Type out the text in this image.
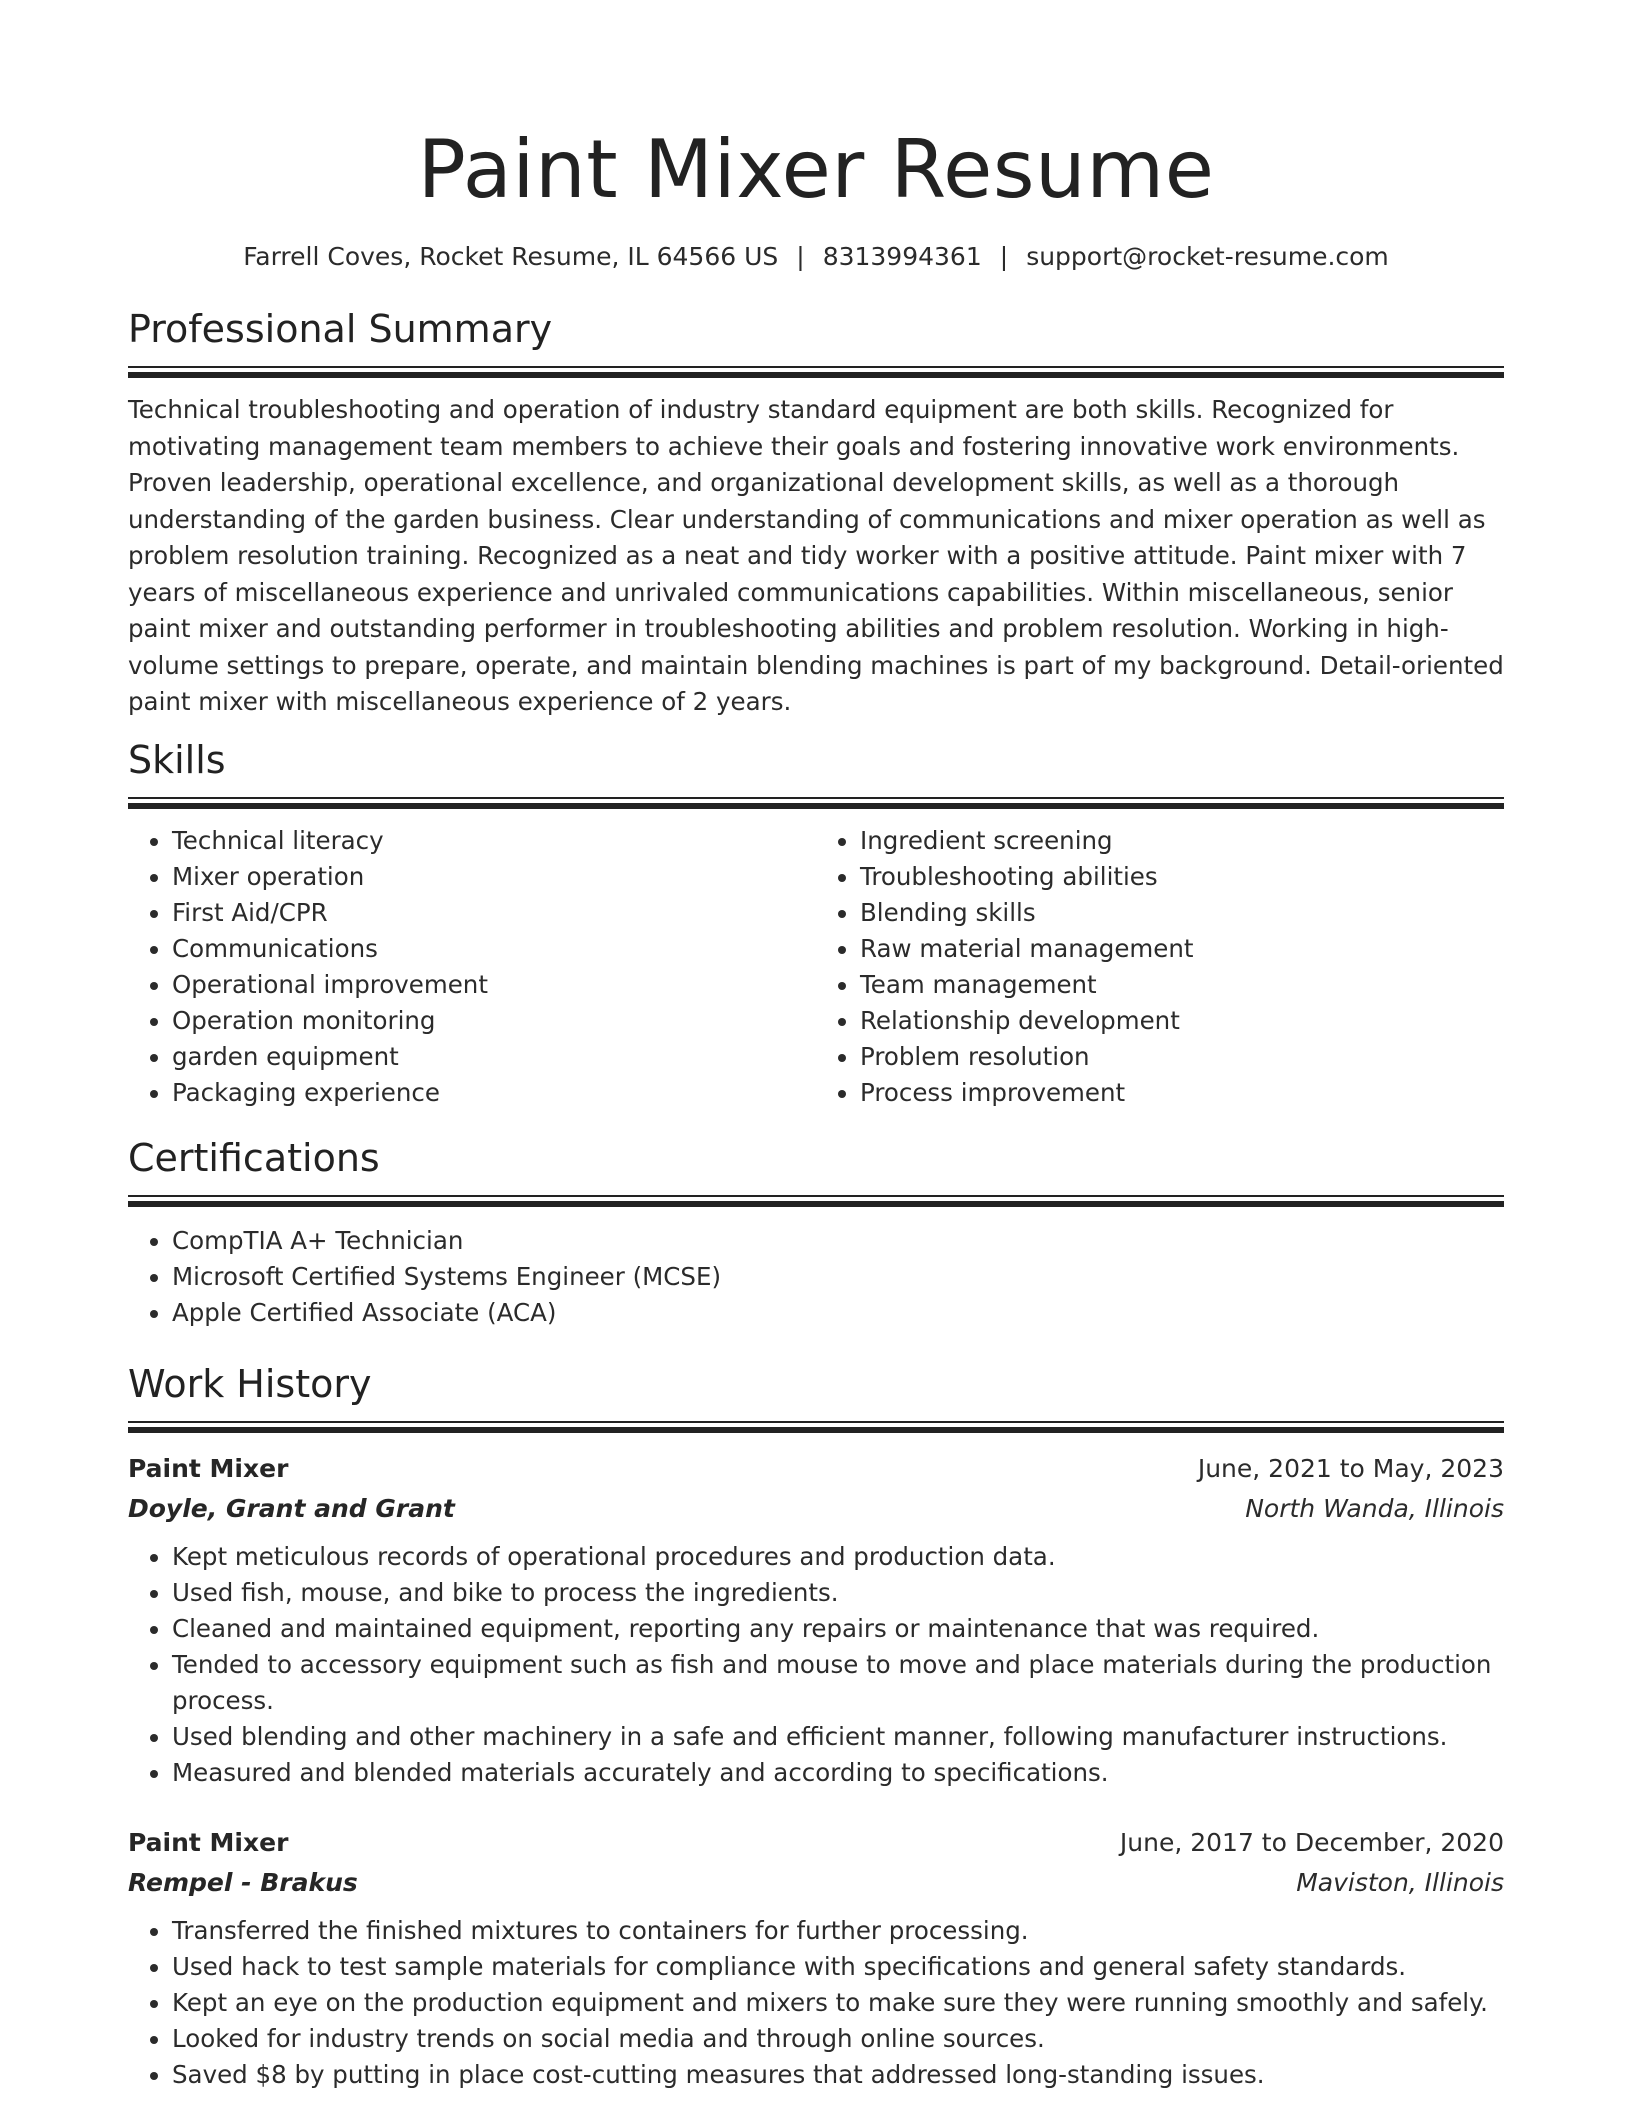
Paint Mixer Resume
Farrell Coves, Rocket Resume, IL 64566 US | 8313994361 | support@rocket-resume.com
Professional Summary

Technical troubleshooting and operation of industry standard equipment are both skills. Recognized for motivating management team members to achieve their goals and fostering innovative work environments. Proven leadership, operational excellence, and organizational development skills, as well as a thorough understanding of the garden business. Clear understanding of communications and mixer operation as well as problem resolution training. Recognized as a neat and tidy worker with a positive attitude. Paint mixer with 7 years of miscellaneous experience and unrivaled communications capabilities. Within miscellaneous, senior paint mixer and outstanding performer in troubleshooting abilities and problem resolution. Working in high-volume settings to prepare, operate, and maintain blending machines is part of my background. Detail-oriented paint mixer with miscellaneous experience of 2 years.

Skills
• Technical literacy
• Mixer operation
• First Aid/CPR
• Communications
• Operational improvement
• Operation monitoring
• garden equipment
• Packaging experience
• Ingredient screening
• Troubleshooting abilities
• Blending skills
• Raw material management
• Team management
• Relationship development
• Problem resolution
• Process improvement
Certifications
• CompTIA A+ Technician
• Microsoft Certified Systems Engineer (MCSE)
• Apple Certified Associate (ACA)
Work History
Paint Mixer	June, 2021 to May, 2023
Doyle, Grant and Grant	North Wanda, Illinois
• Kept meticulous records of operational procedures and production data.
• Used fish, mouse, and bike to process the ingredients.
• Cleaned and maintained equipment, reporting any repairs or maintenance that was required.
• Tended to accessory equipment such as fish and mouse to move and place materials during the production process.
• Used blending and other machinery in a safe and efficient manner, following manufacturer instructions.
• Measured and blended materials accurately and according to specifications.
Paint Mixer	June, 2017 to December, 2020
Rempel - Brakus	Maviston, Illinois
• Transferred the finished mixtures to containers for further processing.
• Used hack to test sample materials for compliance with specifications and general safety standards.
• Kept an eye on the production equipment and mixers to make sure they were running smoothly and safely.
• Looked for industry trends on social media and through online sources.
• Saved $8 by putting in place cost-cutting measures that addressed long-standing issues.
